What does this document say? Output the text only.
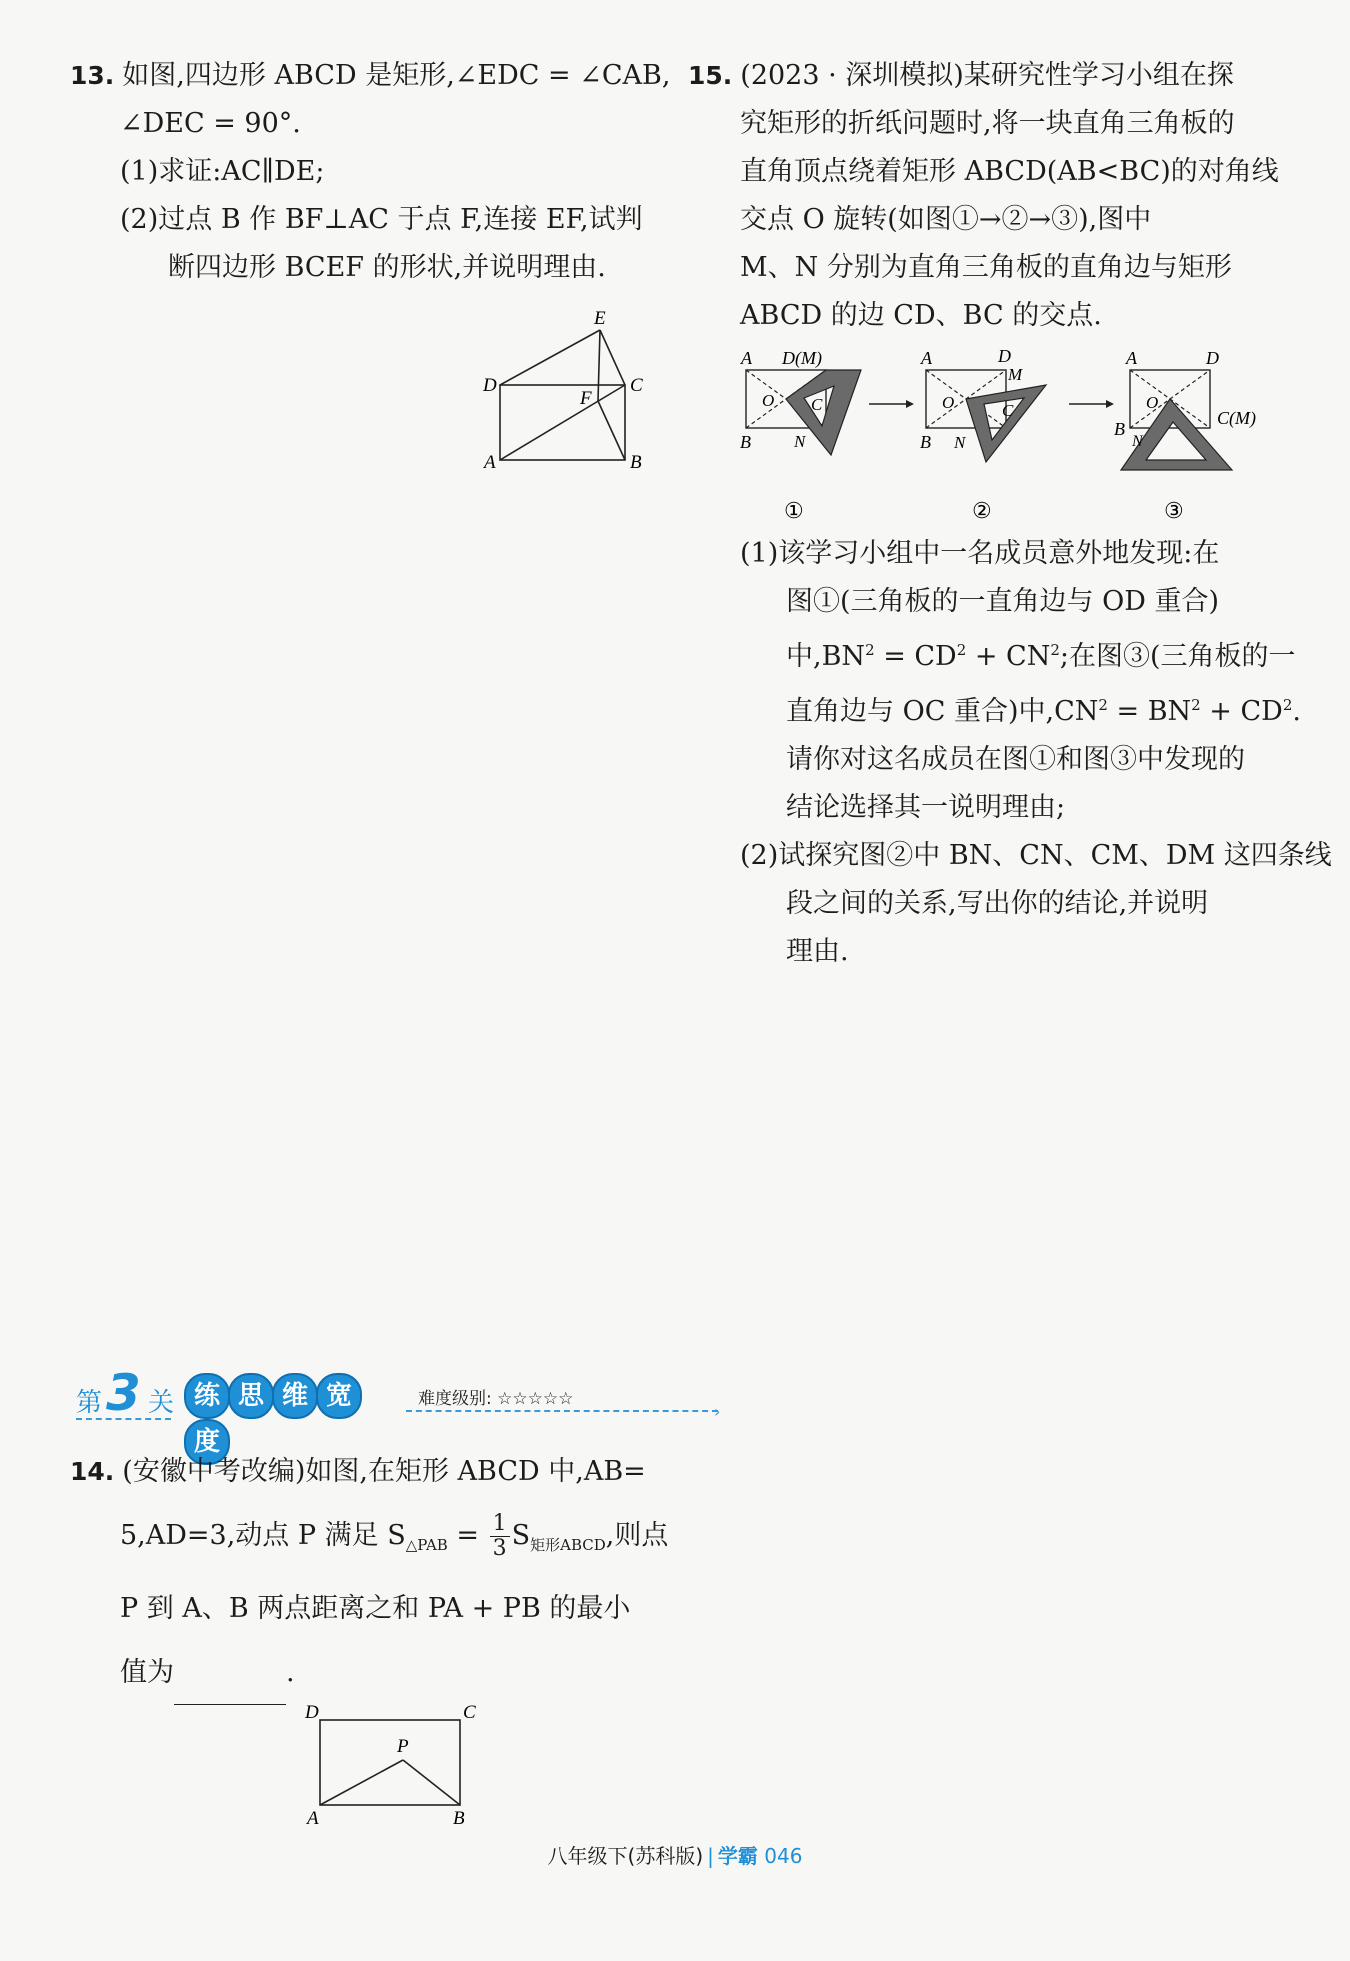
13. 如图,四边形 ABCD 是矩形,∠EDC = ∠CAB,
∠DEC = 90°.
(1)求证:AC∥DE;
(2)过点 B 作 BF⊥AC 于点 F,连接 EF,试判
断四边形 BCEF 的形状,并说明理由.
E
D	C
F
A	B
15. (2023 · 深圳模拟)某研究性学习小组在探
究矩形的折纸问题时,将一块直角三角板的
直角顶点绕着矩形 ABCD(AB<BC)的对角线
交点 O 旋转(如图①→②→③),图中
M、N 分别为直角三角板的直角边与矩形
ABCD 的边 CD、BC 的交点.
A D(M)
O C
B	N
A	D
M
O	C
B N
A	D
O
C(M)
B
N
①	②	③
(1)该学习小组中一名成员意外地发现:在
图①(三角板的一直角边与 OD 重合)
中$,BN^2 = CD^2 + CN^2$;在图③(三角板的一
直角边与 OC 重合)中$,CN^2 = BN^2 + CD^2$.
请你对这名成员在图①和图③中发现的
结论选择其一说明理由;
(2)试探究图②中 BN、CN、CM、DM 这四条线
段之间的关系,写出你的结论,并说明
理由.
第 3 关 练 思 维 宽度
难度级别: ☆☆☆☆☆
›
14. (安徽中考改编)如图,在矩形 ABCD 中,AB=
5,AD=3,动点 P 满足 $S_{\triangle PAB} = \frac{1}{3} S_{矩形ABCD}$,则点
P 到 A、B 两点距离之和 PA + PB 的最小
值为	.
D	C
P
A	B
八年级下(苏科版) | 学霸 046
